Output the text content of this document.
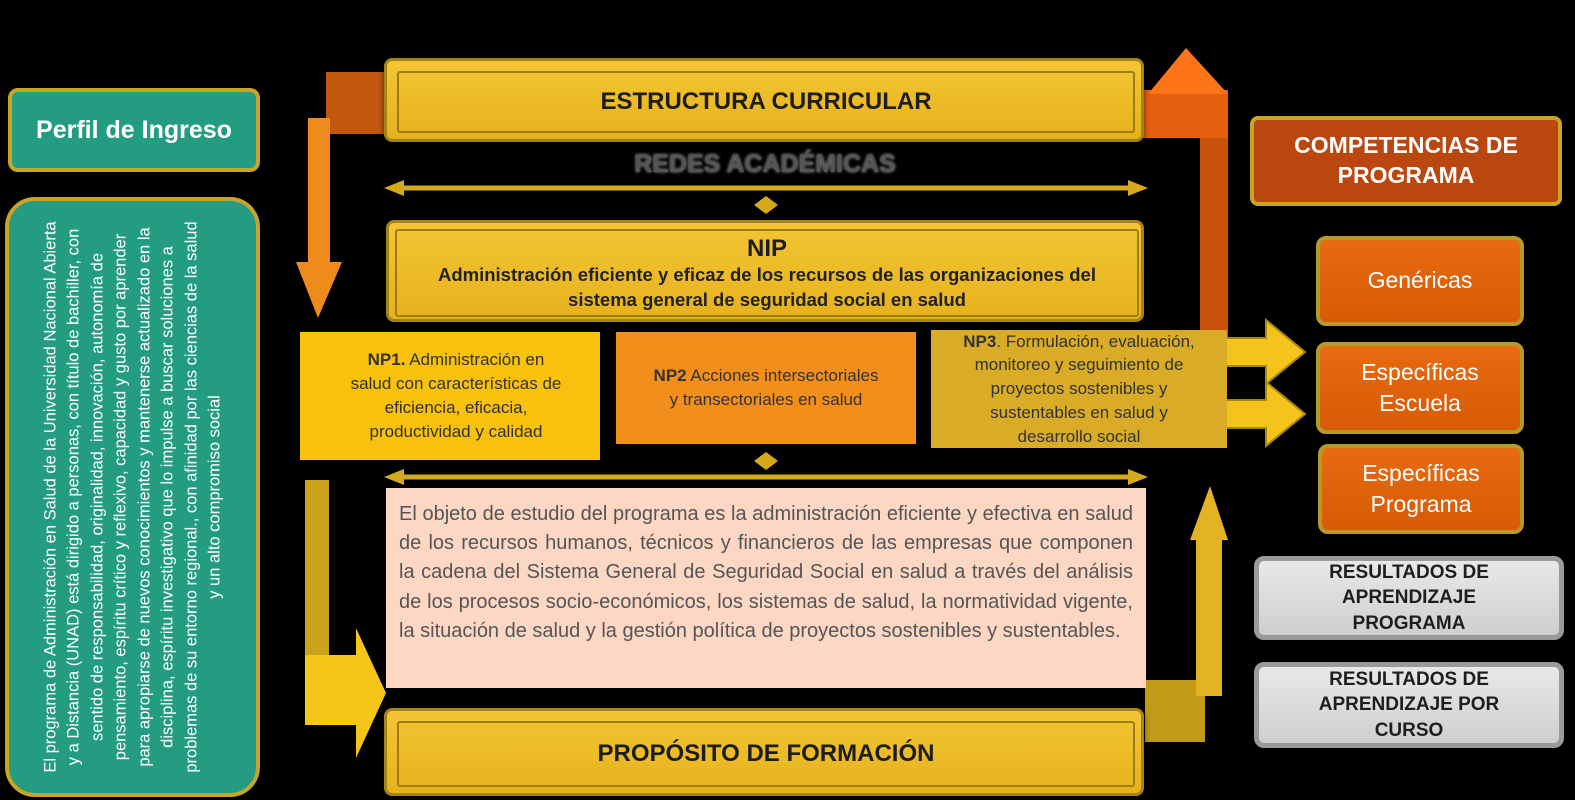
Perfil de Ingreso
El programa de Administración en Salud de la Universidad Nacional Abierta y a Distancia (UNAD) está dirigido a personas, con título de bachiller, con sentido de responsabilidad, originalidad, innovación, autonomía de pensamiento, espíritu crítico y reflexivo, capacidad y gusto por aprender para apropiarse de nuevos conocimientos y mantenerse actualizado en la disciplina, espíritu investigativo que lo impulse a buscar soluciones a problemas de su entorno regional., con afinidad por las ciencias de la salud y un alto compromiso social
ESTRUCTURA CURRICULAR
REDES ACADÉMICAS
NIP
Administración eficiente y eficaz de los recursos de las organizaciones del sistema general de seguridad social en salud
NP1. Administración en salud con características de eficiencia, eficacia, productividad y calidad
NP2 Acciones intersectoriales y transectoriales en salud
NP3. Formulación, evaluación, monitoreo y seguimiento de proyectos sostenibles y sustentables en salud y desarrollo social
El objeto de estudio del programa es la administración eficiente y efectiva en salud de los recursos humanos, técnicos y financieros de las empresas que componen la cadena del Sistema General de Seguridad Social en salud a través del análisis de los procesos socio-económicos, los sistemas de salud, la normatividad vigente, la situación de salud y la gestión política de proyectos sostenibles y sustentables.
PROPÓSITO DE FORMACIÓN
COMPETENCIAS DE PROGRAMA
Genéricas
Específicas Escuela
Específicas Programa
RESULTADOS DE APRENDIZAJE PROGRAMA
RESULTADOS DE APRENDIZAJE POR CURSO
